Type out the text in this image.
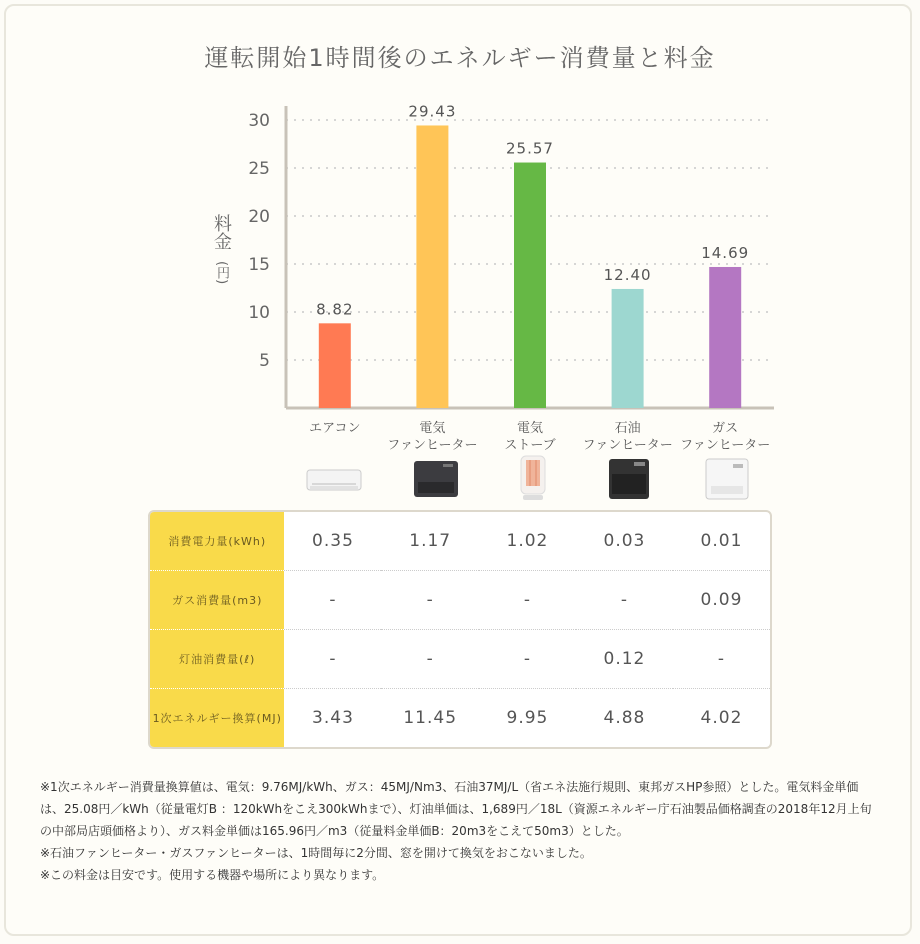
運転開始1時間後のエネルギー消費量と料金
5
10
15
20
25
30
8.82
29.43
25.57
12.40
14.69
料金 (円)
エアコン	電気
ファンヒーター
電気
ストーブ
石油
ファンヒーター
ガス
ファンヒーター
消費電力量(kWh)	0.35	1.17	1.02	0.03	0.01
ガス消費量(m3)	-	-	-	-	0.09
灯油消費量(ℓ)	-	-	-	0.12	-
1次エネルギー換算(MJ)	3.43	11.45	9.95	4.88	4.02

※1次エネルギー消費量換算値は、電気：9.76MJ/kWh、ガス：45MJ/Nm3、石油37MJ/L（省エネ法施行規則、東邦ガスHP参照）とした。電気料金単価は、25.08円／kWh（従量電灯B ：120kWhをこえ300kWhまで）、灯油単価は、1,689円／18L（資源エネルギー庁石油製品価格調査の2018年12月上旬の中部局店頭価格より）、ガス料金単価は165.96円／m3（従量料金単価B：20m3をこえて50m3）とした。

※石油ファンヒーター・ガスファンヒーターは、1時間毎に2分間、窓を開けて換気をおこないました。

※この料金は目安です。使用する機器や場所により異なります。
